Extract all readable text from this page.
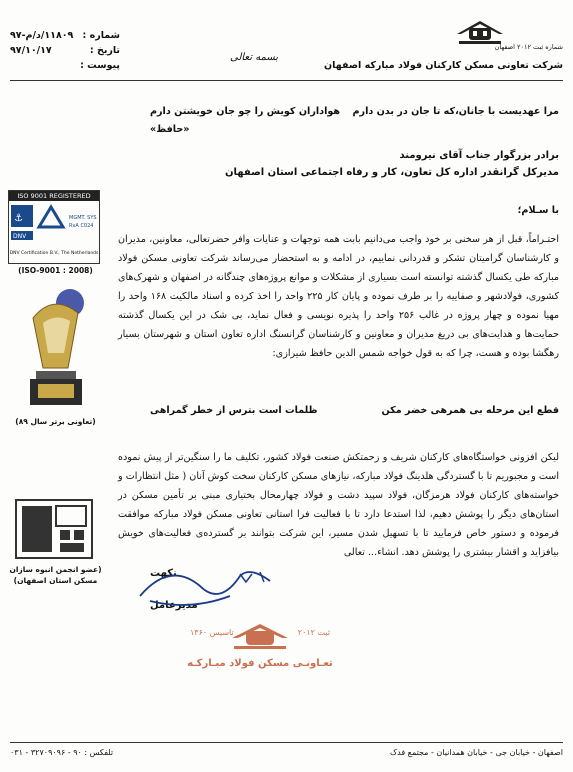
شماره :
۱۱۸۰۹/د/م-۹۷
تاریخ :
۹۷/۱۰/۱۷
پیوست :
بسمه تعالی
شماره ثبت ۲۰۱۲ اصفهان
شرکت تعاونی مسکن کارکنان فولاد مبارکه اصفهان
مرا عهدیست با جانان،که تا جان در بدن دارم
هواداران کویش را چو جان خویشتن دارم
«حافظ»
برادر بزرگوار جناب آقای نیرومند
مدیرکل گرانقدر اداره کل تعاون، کار و رفاه اجتماعی استان اصفهان
ISO 9001 REGISTERED
⚓
DNV
MGMT. SYS.
RvA C024
DNV Certification B.V., The Netherlands
(ISO-9001 : 2008)
(تعاونی برتر سال ۸۹)
(عضو انجمن انبوه سازان
مسکن استان اصفهان)
با سـلام؛
احتـراماً، قبل از هر سخنی بر خود واجب می‌دانیم بابت همه توجهات و عنایات وافر حضرتعالی، معاونین، مدیران و کارشناسان گرامیتان تشکر و قدردانی نماییم، در ادامه و به استحضار می‌رساند شرکت تعاونی مسکن فولاد مبارکه طی یکسال گذشته توانسته است بسیاری از مشکلات و موانع پروژه‌های چندگانه در اصفهان و شهرک‌های کشوری، فولادشهر و صفاییه را بر طرف نموده و پایان کار ۲۲۵ واحد را اخذ کرده و اسناد مالکیت ۱۶۸ واحد را مهیا نموده و چهار پروژه در غالب ۲۵۶ واحد را پذیره نویسی و فعال نماید، بی شک در این یکسال گذشته حمایت‌ها و هدایت‌های بی دریغ مدیران و معاونین و کارشناسان گرانسنگ اداره تعاون استان و شهرستان بسیار رهگشا بوده و هست، چرا که به قول خواجه شمس الدین حافظ شیرازی:
قطع این مرحله بی همرهی خضر مکن
ظلمات است بترس از خطر گمراهی
لیکن افزونی خواستگاه‌های کارکنان شریف و زحمتکش صنعت فولاد کشور، تکلیف ما را سنگین‌تر از پیش نموده است و مجبوریم تا با گستردگی هلدینگ فولاد مبارکه، نیازهای مسکن کارکنان سخت کوش آنان ( مثل انتظارات و خواسته‌های کارکنان فولاد هرمزگان، فولاد سپید دشت و فولاد چهارمحال بختیاری مبنی بر تأمین مسکن در استان‌های دیگر را پوشش دهیم، لذا استدعا دارد تا با فعالیت فرا استانی تعاونی مسکن فولاد مبارکه موافقت فرموده و دستور خاص فرمایید تا با تسهیل شدن مسیر، این شرکت بتوانند بر گسترده‌ی فعالیت‌های خویش بیافزاید و اقشار بیشتری را پوشش دهد. انشاء... تعالی
نکهت
مدیرعامل
تاسیس ۱۳۶۰	ثبت ۲۰۱۲
تعـاونـی مسکن فولاد مبـارکـه
اصفهان - خیابان جی - خیابان همدانیان - مجتمع فدک
تلفکس : ۹۰ - ۳۲۷۰۹۰۹۶ - ۰۳۱
